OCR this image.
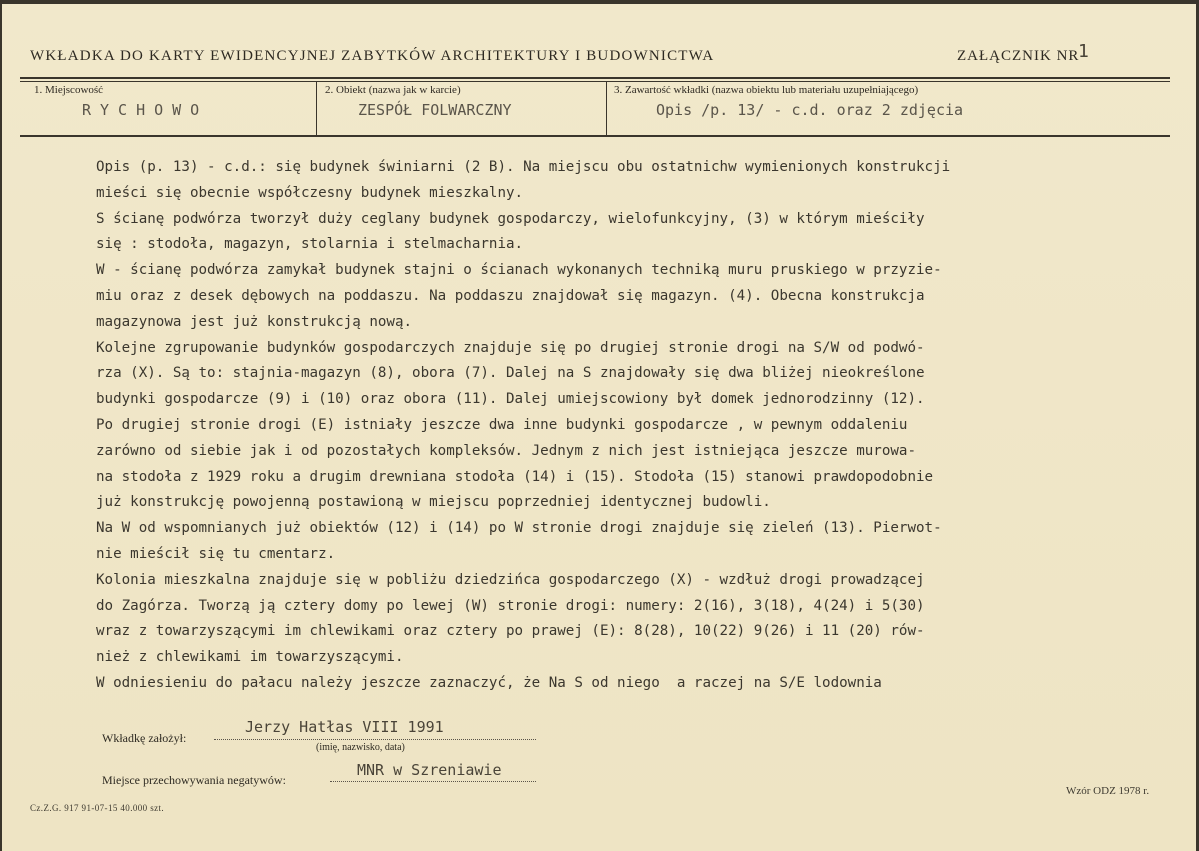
WKŁADKA DO KARTY EWIDENCYJNEJ ZABYTKÓW ARCHITEKTURY I BUDOWNICTWA	ZAŁĄCZNIK NR
1
1. Miejscowość
RYCHOWO
2. Obiekt (nazwa jak w karcie)
ZESPÓŁ FOLWARCZNY
3. Zawartość wkładki (nazwa obiektu lub materiału uzupełniającego)
Opis /p. 13/ - c.d. oraz 2 zdjęcia
Opis (p. 13) - c.d.: się budynek świniarni (2 B). Na miejscu obu ostatnichw wymienionych konstrukcji
mieści się obecnie współczesny budynek mieszkalny.
S ścianę podwórza tworzył duży ceglany budynek gospodarczy, wielofunkcyjny, (3) w którym mieściły
się : stodoła, magazyn, stolarnia i stelmacharnia.
W - ścianę podwórza zamykał budynek stajni o ścianach wykonanych techniką muru pruskiego w przyzie-
miu oraz z desek dębowych na poddaszu. Na poddaszu znajdował się magazyn. (4). Obecna konstrukcja
magazynowa jest już konstrukcją nową.
Kolejne zgrupowanie budynków gospodarczych znajduje się po drugiej stronie drogi na S/W od podwó-
rza (X). Są to: stajnia-magazyn (8), obora (7). Dalej na S znajdowały się dwa bliżej nieokreślone
budynki gospodarcze (9) i (10) oraz obora (11). Dalej umiejscowiony był domek jednorodzinny (12).
Po drugiej stronie drogi (E) istniały jeszcze dwa inne budynki gospodarcze , w pewnym oddaleniu
zarówno od siebie jak i od pozostałych kompleksów. Jednym z nich jest istniejąca jeszcze murowa-
na stodoła z 1929 roku a drugim drewniana stodoła (14) i (15). Stodoła (15) stanowi prawdopodobnie
już konstrukcję powojenną postawioną w miejscu poprzedniej identycznej budowli.
Na W od wspomnianych już obiektów (12) i (14) po W stronie drogi znajduje się zieleń (13). Pierwot-
nie mieścił się tu cmentarz.
Kolonia mieszkalna znajduje się w pobliżu dziedzińca gospodarczego (X) - wzdłuż drogi prowadzącej
do Zagórza. Tworzą ją cztery domy po lewej (W) stronie drogi: numery: 2(16), 3(18), 4(24) i 5(30)
wraz z towarzyszącymi im chlewikami oraz cztery po prawej (E): 8(28), 10(22) 9(26) i 11 (20) rów-
nież z chlewikami im towarzyszącymi.
W odniesieniu do pałacu należy jeszcze zaznaczyć, że Na S od niego  a raczej na S/E lodownia
Wkładkę założył:
Jerzy Hatłas VIII 1991
(imię, nazwisko, data)
Miejsce przechowywania negatywów:
MNR w Szreniawie
Cz.Z.G. 917 91-07-15 40.000 szt.
Wzór ODZ 1978 r.
